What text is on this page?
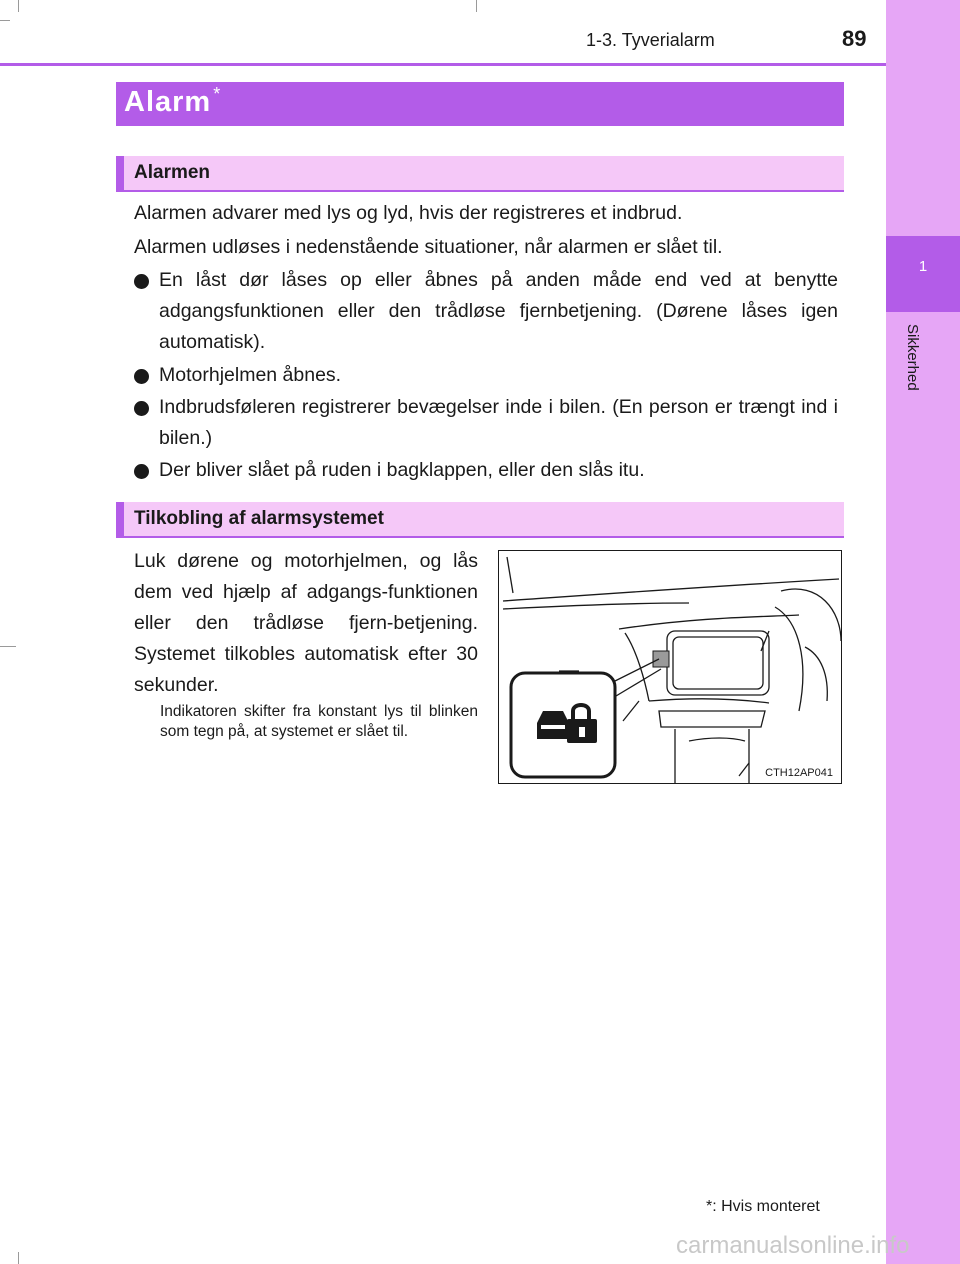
1
Sikkerhed
1-3. Tyverialarm	89
Alarm *
Alarmen
Alarmen advarer med lys og lyd, hvis der registreres et indbrud.
Alarmen udløses i nedenstående situationer, når alarmen er slået til.
En låst dør låses op eller åbnes på anden måde end ved at benytte adgangsfunktionen eller den trådløse fjernbetjening. (Dørene låses igen automatisk).
Motorhjelmen åbnes.
Indbrudsføleren registrerer bevægelser inde i bilen. (En person er trængt ind i bilen.)
Der bliver slået på ruden i bagklappen, eller den slås itu.
Tilkobling af alarmsystemet
Luk dørene og motorhjelmen, og lås dem ved hjælp af adgangs-funktionen eller den trådløse fjern-betjening. Systemet tilkobles automatisk efter 30 sekunder.
Indikatoren skifter fra konstant lys til blinken som tegn på, at systemet er slået til.
CTH12AP041
*: Hvis monteret
carmanualsonline.info
